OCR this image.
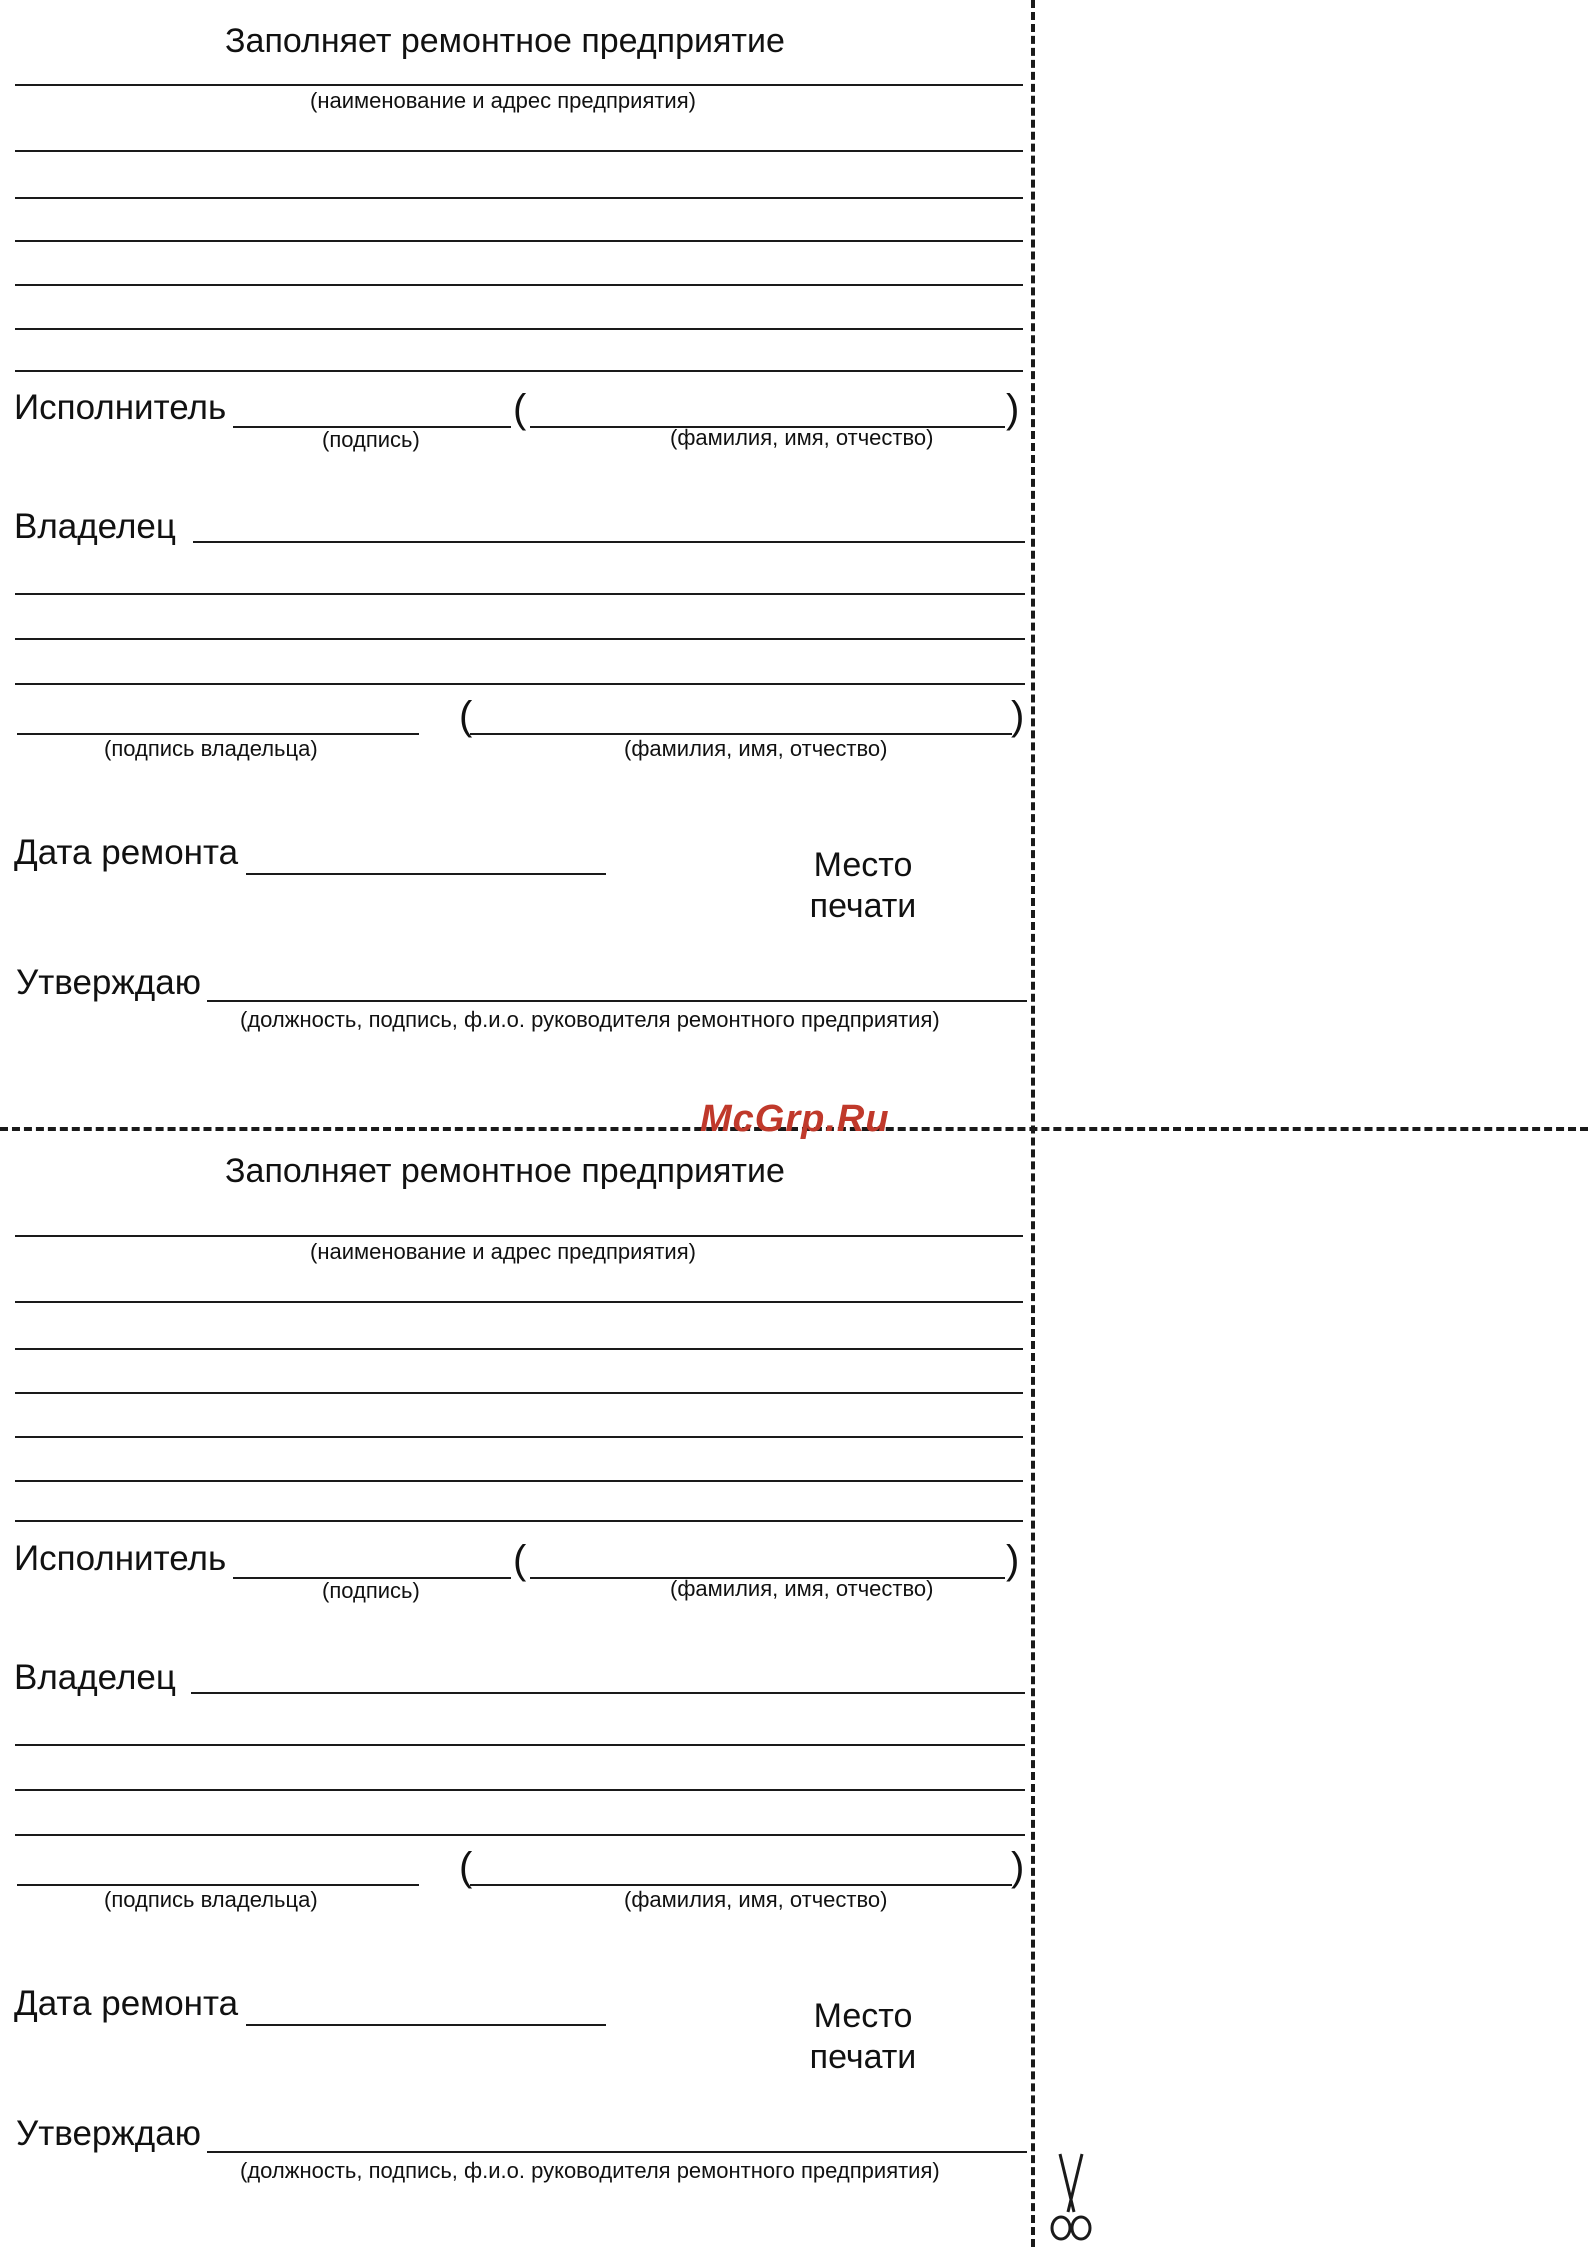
McGrp.Ru
Заполняет ремонтное предприятие
(наименование и адрес предприятия)
Исполнитель	(	)
(подпись)	(фамилия, имя, отчество)
Владелец
(	)
(подпись владельца)	(фамилия, имя, отчество)
Дата ремонта	Место
печати
Утверждаю
(должность, подпись, ф.и.о. руководителя ремонтного предприятия)
Заполняет ремонтное предприятие
(наименование и адрес предприятия)
Исполнитель	(	)
(подпись)	(фамилия, имя, отчество)
Владелец
(	)
(подпись владельца)	(фамилия, имя, отчество)
Дата ремонта	Место
печати
Утверждаю
(должность, подпись, ф.и.о. руководителя ремонтного предприятия)
